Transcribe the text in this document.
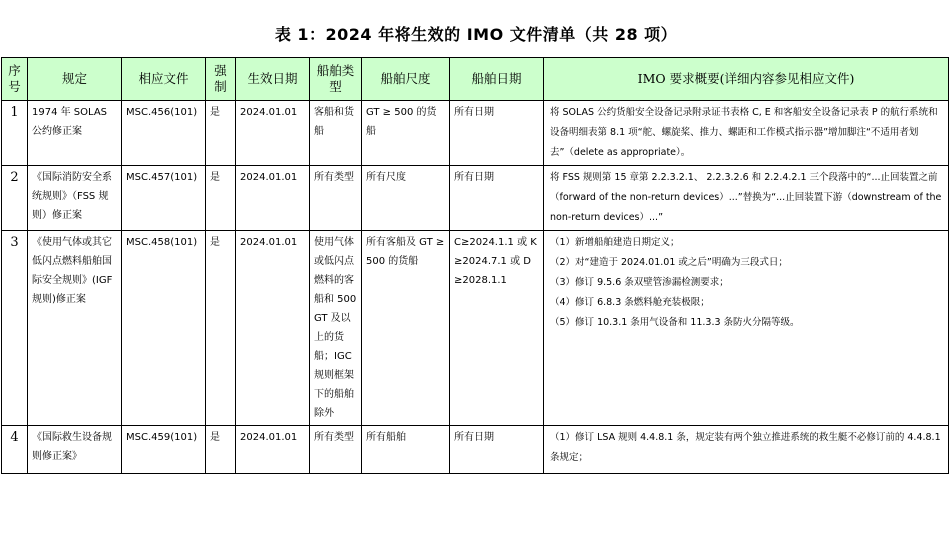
表 1：2024 年将生效的 IMO 文件清单（共 28 项）
序号	规定	相应文件	强制	生效日期	船舶类型	船舶尺度	船舶日期	IMO 要求概要(详细内容参见相应文件)
1	1974 年 SOLAS 公约修正案	MSC.456(101)	是	2024.01.01	客船和货船	GT ≥ 500 的货船	所有日期	将 SOLAS 公约货船安全设备记录附录证书表格 C, E 和客船安全设备记录表 P 的航行系统和设备明细表第 8.1 项“舵、螺旋桨、推力、螺距和工作模式指示器”增加脚注“不适用者划去”（delete as appropriate）。

2	《国际消防安全系统规则》（FSS 规则）修正案	MSC.457(101)	是	2024.01.01	所有类型	所有尺度	所有日期	将 FSS 规则第 15 章第 2.2.3.2.1、 2.2.3.2.6 和 2.2.4.2.1 三个段落中的“...止回装置之前（forward of the non-return devices）...”替换为“...止回装置下游（downstream of the non-return devices）...”

3	《使用气体或其它低闪点燃料船舶国际安全规则》(IGF 规则)修正案	MSC.458(101)	是	2024.01.01	使用气体或低闪点燃料的客船和 500GT 及以上的货船；IGC 规则框架下的船舶除外	所有客船及 GT ≥ 500 的货船	C≥2024.1.1 或 K≥2024.7.1 或 D≥2028.1.1	（1）新增船舶建造日期定义；
（2）对“建造于 2024.01.01 或之后”明确为三段式日；
（3）修订 9.5.6 条双壁管渗漏检测要求；
（4）修订 6.8.3 条燃料舱充装极限；
（5）修订 10.3.1 条用气设备和 11.3.3 条防火分隔等级。

4	《国际救生设备规则修正案》	MSC.459(101)	是	2024.01.01	所有类型	所有船舶	所有日期	（1）修订 LSA 规则 4.4.8.1 条，规定装有两个独立推进系统的救生艇不必修订前的 4.4.8.1 条规定；
